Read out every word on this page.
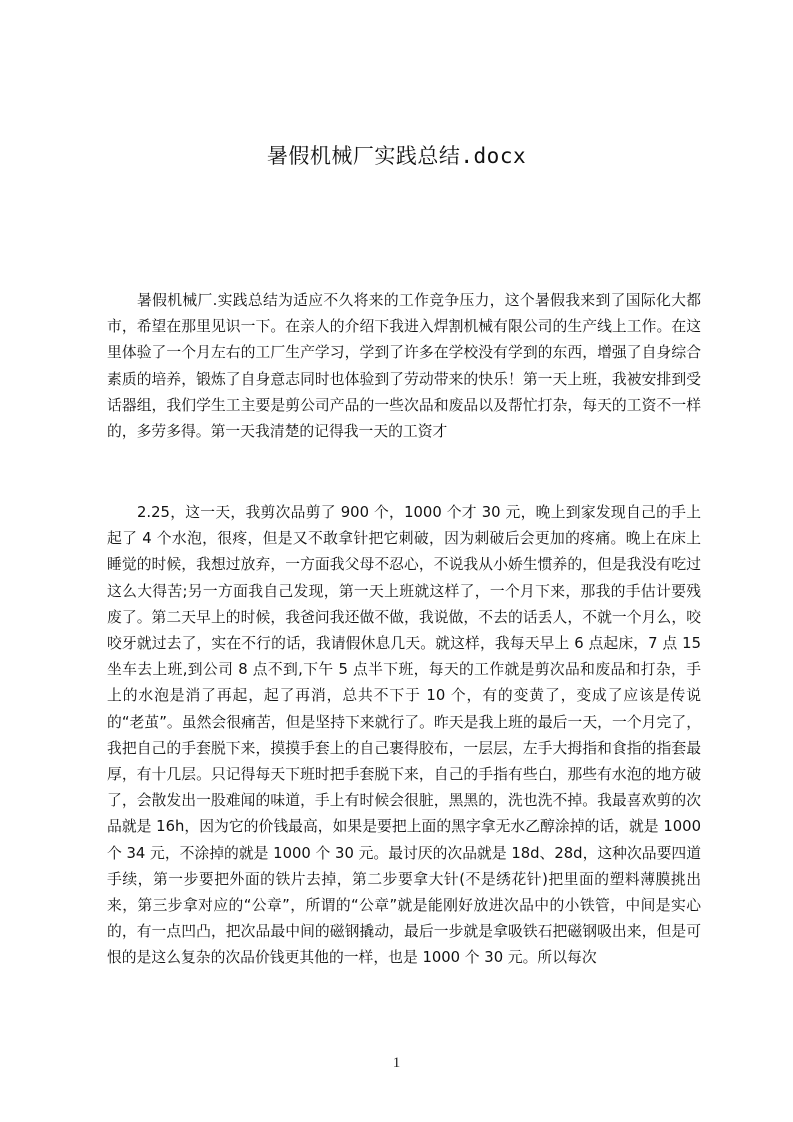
暑假机械厂实践总结.docx

暑假机械厂.实践总结为适应不久将来的工作竞争压力，这个暑假我来到了国际化大都市，希望在那里见识一下。在亲人的介绍下我进入焊割机械有限公司的生产线上工作。在这里体验了一个月左右的工厂生产学习，学到了许多在学校没有学到的东西，增强了自身综合素质的培养，锻炼了自身意志同时也体验到了劳动带来的快乐！第一天上班，我被安排到受话器组，我们学生工主要是剪公司产品的一些次品和废品以及帮忙打杂，每天的工资不一样的，多劳多得。第一天我清楚的记得我一天的工资才

2.25，这一天，我剪次品剪了 900 个，1000 个才 30 元，晚上到家发现自己的手上起了 4 个水泡，很疼，但是又不敢拿针把它刺破，因为刺破后会更加的疼痛。晚上在床上睡觉的时候，我想过放弃，一方面我父母不忍心，不说我从小娇生惯养的，但是我没有吃过这么大得苦;另一方面我自己发现，第一天上班就这样了，一个月下来，那我的手估计要残废了。第二天早上的时候，我爸问我还做不做，我说做，不去的话丢人，不就一个月么，咬咬牙就过去了，实在不行的话，我请假休息几天。就这样，我每天早上 6 点起床，7 点 15 坐车去上班,到公司 8 点不到,下午 5 点半下班，每天的工作就是剪次品和废品和打杂，手上的水泡是消了再起，起了再消，总共不下于 10 个，有的变黄了，变成了应该是传说的“老茧”。虽然会很痛苦，但是坚持下来就行了。昨天是我上班的最后一天，一个月完了，我把自己的手套脱下来，摸摸手套上的自己裹得胶布，一层层，左手大拇指和食指的指套最厚，有十几层。只记得每天下班时把手套脱下来，自己的手指有些白，那些有水泡的地方破了，会散发出一股难闻的味道，手上有时候会很脏，黑黑的，洗也洗不掉。我最喜欢剪的次品就是 16h，因为它的价钱最高，如果是要把上面的黑字拿无水乙醇涂掉的话，就是 1000 个 34 元，不涂掉的就是 1000 个 30 元。最讨厌的次品就是 18d、28d，这种次品要四道手续，第一步要把外面的铁片去掉，第二步要拿大针(不是绣花针)把里面的塑料薄膜挑出来，第三步拿对应的“公章”，所谓的“公章”就是能刚好放进次品中的小铁管，中间是实心的，有一点凹凸，把次品最中间的磁钢撬动，最后一步就是拿吸铁石把磁钢吸出来，但是可恨的是这么复杂的次品价钱更其他的一样，也是 1000 个 30 元。所以每次

1
